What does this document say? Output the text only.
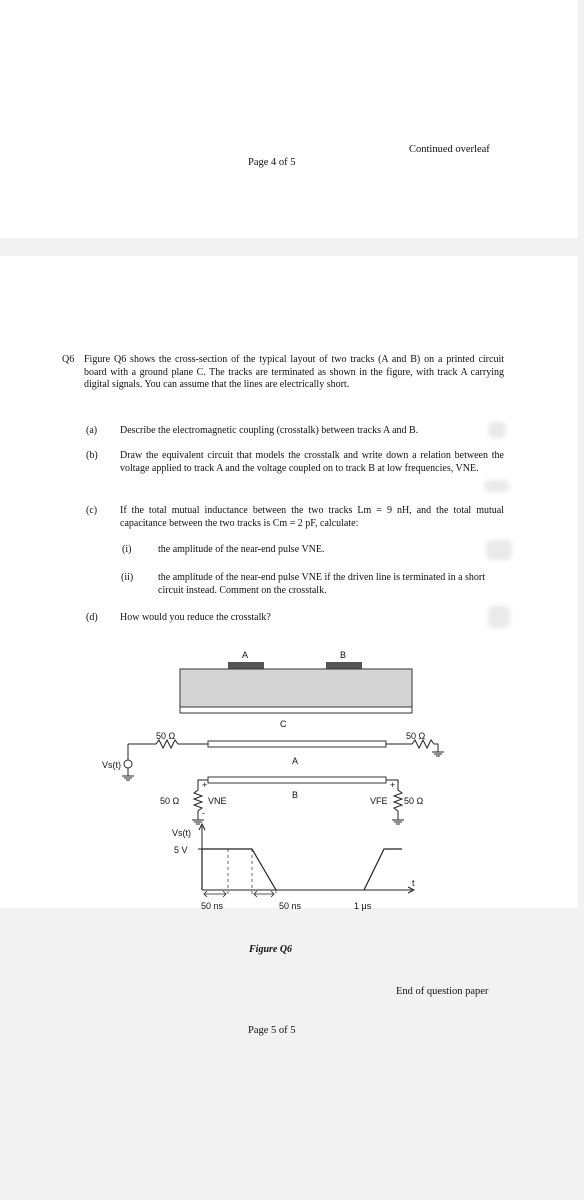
Continued overleaf
Page 4 of 5
Q6 Figure Q6 shows the cross-section of the typical layout of two tracks (A and B) on a printed circuit board with a ground plane C. The tracks are terminated as shown in the figure, with track A carrying digital signals. You can assume that the lines are electrically short.
(a) Describe the electromagnetic coupling (crosstalk) between tracks A and B.
(b) Draw the equivalent circuit that models the crosstalk and write down a relation between the voltage applied to track A and the voltage coupled on to track B at low frequencies, VNE.
(c) If the total mutual inductance between the two tracks Lm = 9 nH, and the total mutual capacitance between the two tracks is Cm = 2 pF, calculate:
(i)	the amplitude of the near-end pulse VNE.
(ii) the amplitude of the near-end pulse VNE if the driven line is terminated in a short circuit instead. Comment on the crosstalk.
(d) How would you reduce the crosstalk?
A	B
C
50 Ω	50 Ω
A
Vs(t)
B
50 Ω
+
-
VNE	50 Ω
+
VFE
Vs(t)
5 V
t
50 ns	50 ns	1 μs
Figure Q6
End of question paper
Page 5 of 5
